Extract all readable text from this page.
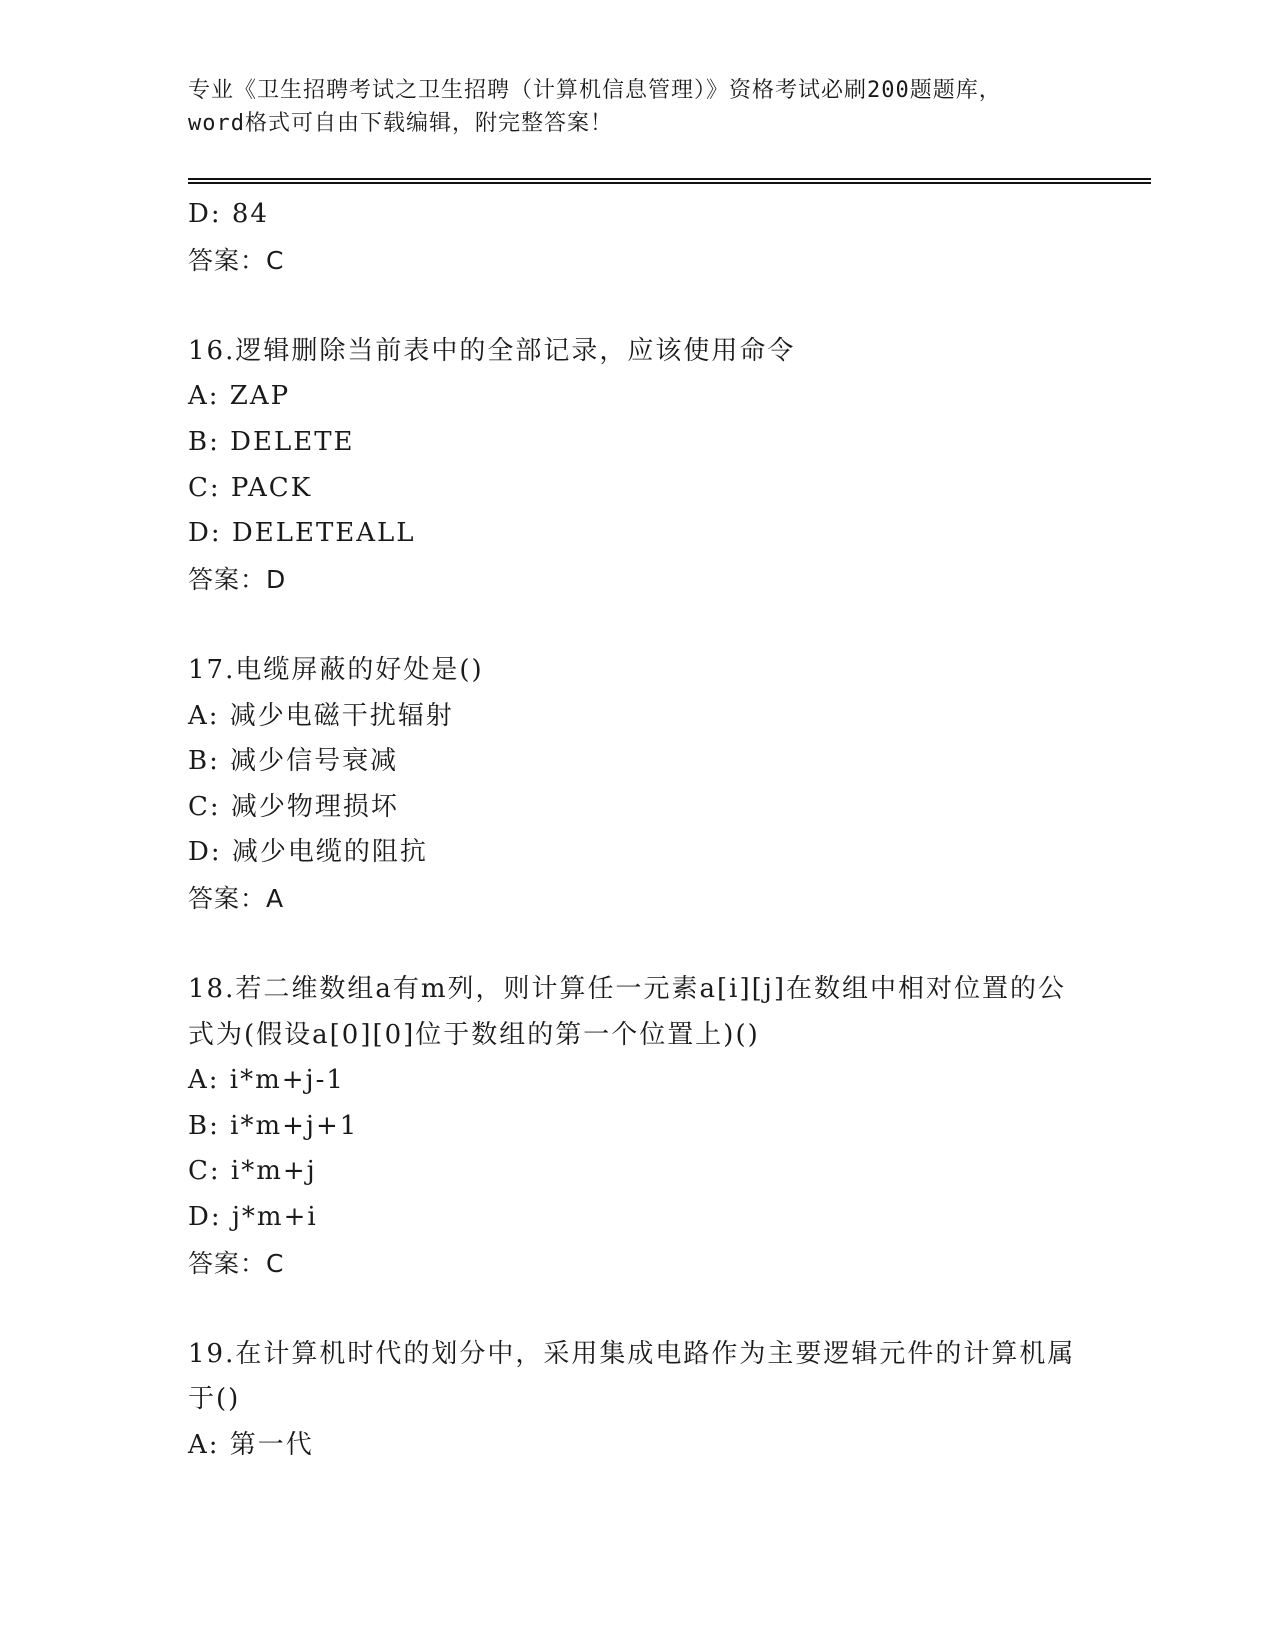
专业《卫生招聘考试之卫生招聘（计算机信息管理）》资格考试必刷200题题库，
word格式可自由下载编辑，附完整答案！
D: 84
答案：C
16.逻辑删除当前表中的全部记录，应该使用命令
A: ZAP
B: DELETE
C: PACK
D: DELETEALL
答案：D
17.电缆屏蔽的好处是()
A: 减少电磁干扰辐射
B: 减少信号衰减
C: 减少物理损坏
D: 减少电缆的阻抗
答案：A
18.若二维数组a有m列，则计算任一元素a[i][j]在数组中相对位置的公式为(假设a[0][0]位于数组的第一个位置上)()
A: i*m+j-1
B: i*m+j+1
C: i*m+j
D: j*m+i
答案：C
19.在计算机时代的划分中，采用集成电路作为主要逻辑元件的计算机属于()
A: 第一代
